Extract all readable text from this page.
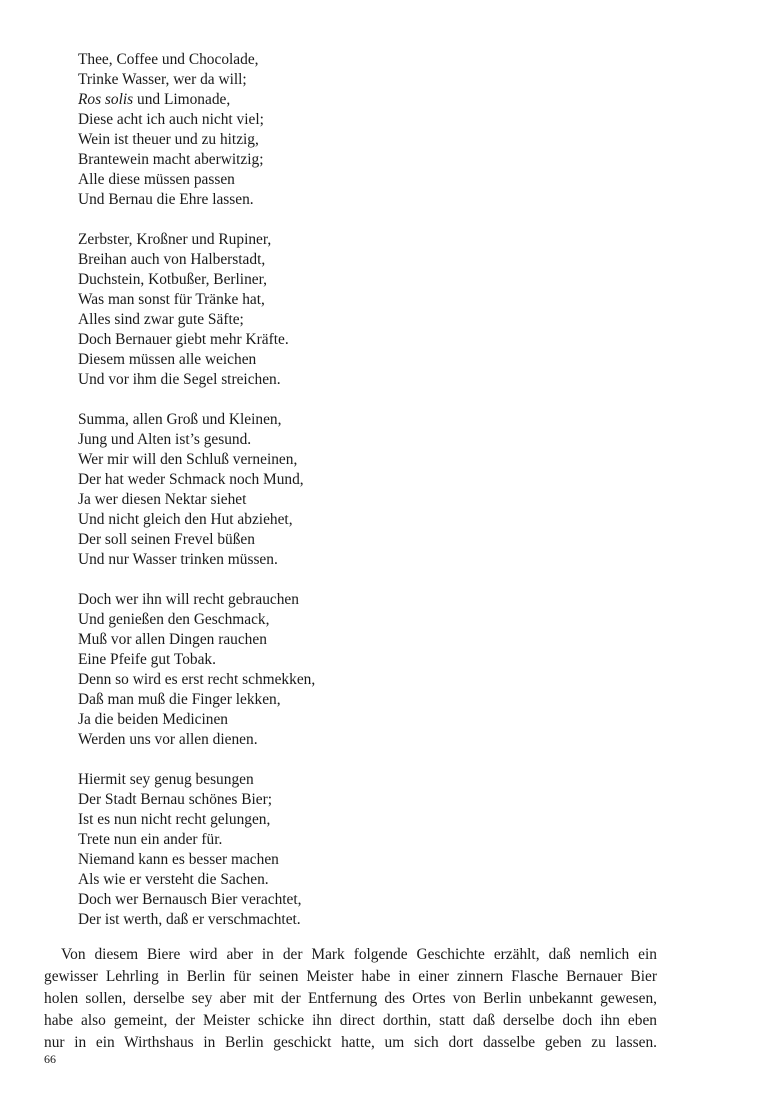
Thee, Coffee und Chocolade,
Trinke Wasser, wer da will;
Ros solis und Limonade,
Diese acht ich auch nicht viel;
Wein ist theuer und zu hitzig,
Brantewein macht aberwitzig;
Alle diese müssen passen
Und Bernau die Ehre lassen.
Zerbster, Kroßner und Rupiner,
Breihan auch von Halberstadt,
Duchstein, Kotbußer, Berliner,
Was man sonst für Tränke hat,
Alles sind zwar gute Säfte;
Doch Bernauer giebt mehr Kräfte.
Diesem müssen alle weichen
Und vor ihm die Segel streichen.
Summa, allen Groß und Kleinen,
Jung und Alten ist’s gesund.
Wer mir will den Schluß verneinen,
Der hat weder Schmack noch Mund,
Ja wer diesen Nektar siehet
Und nicht gleich den Hut abziehet,
Der soll seinen Frevel büßen
Und nur Wasser trinken müssen.
Doch wer ihn will recht gebrauchen
Und genießen den Geschmack,
Muß vor allen Dingen rauchen
Eine Pfeife gut Tobak.
Denn so wird es erst recht schmekken,
Daß man muß die Finger lekken,
Ja die beiden Medicinen
Werden uns vor allen dienen.
Hiermit sey genug besungen
Der Stadt Bernau schönes Bier;
Ist es nun nicht recht gelungen,
Trete nun ein ander für.
Niemand kann es besser machen
Als wie er versteht die Sachen.
Doch wer Bernausch Bier verachtet,
Der ist werth, daß er verschmachtet.
Von diesem Biere wird aber in der Mark folgende Geschichte erzählt, daß nemlich ein
gewisser Lehrling in Berlin für seinen Meister habe in einer zinnern Flasche Bernauer Bier
holen sollen, derselbe sey aber mit der Entfernung des Ortes von Berlin unbekannt gewesen,
habe also gemeint, der Meister schicke ihn direct dorthin, statt daß derselbe doch ihn eben
nur in ein Wirthshaus in Berlin geschickt hatte, um sich dort dasselbe geben zu lassen.
66
